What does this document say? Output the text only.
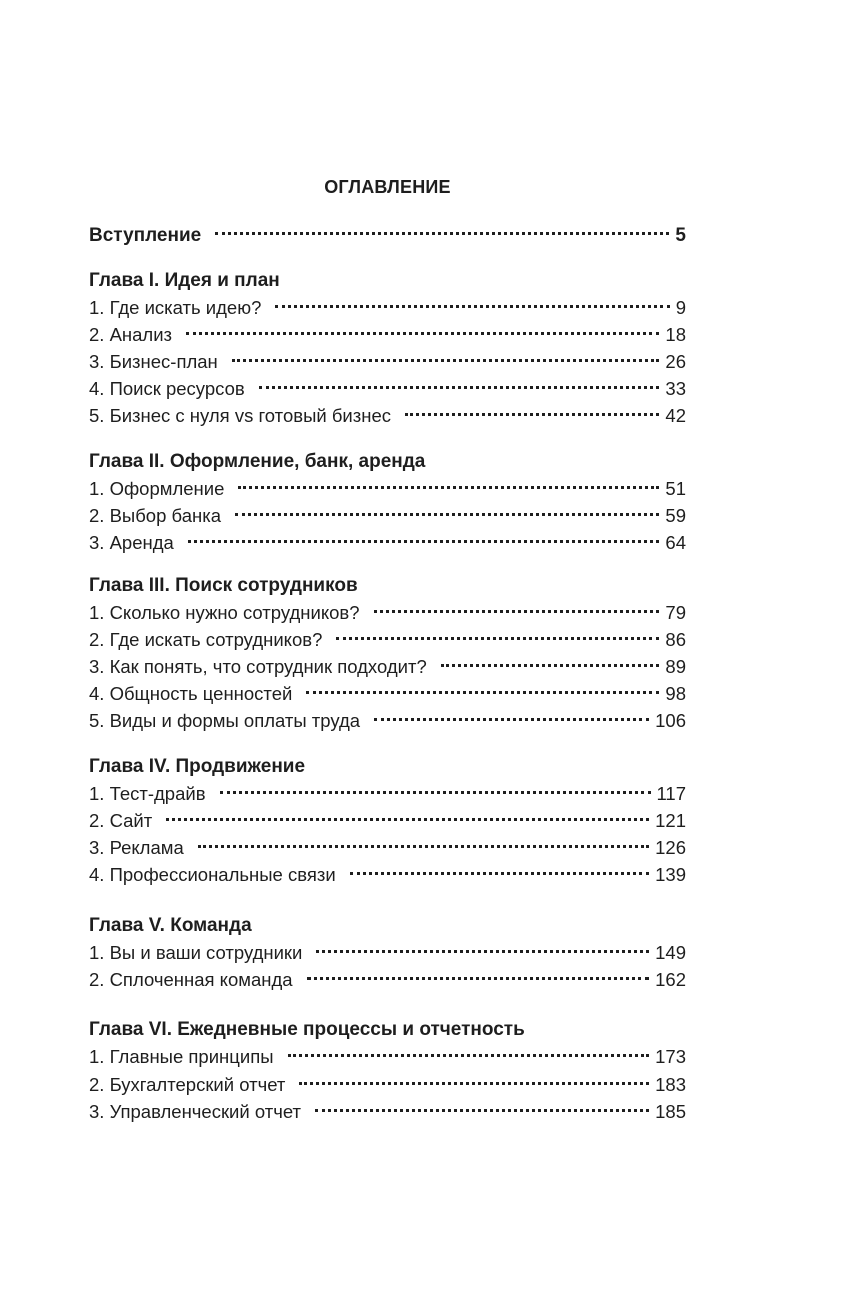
ОГЛАВЛЕНИЕ
Вступление	5
Глава I. Идея и план
1. Где искать идею?	9
2. Анализ	18
3. Бизнес-план	26
4. Поиск ресурсов	33
5. Бизнес с нуля vs готовый бизнес	42
Глава II. Оформление, банк, аренда
1. Оформление	51
2. Выбор банка	59
3. Аренда	64
Глава III. Поиск сотрудников
1. Сколько нужно сотрудников?	79
2. Где искать сотрудников?	86
3. Как понять, что сотрудник подходит?	89
4. Общность ценностей	98
5. Виды и формы оплаты труда	106
Глава IV. Продвижение
1. Тест-драйв	117
2. Сайт	121
3. Реклама	126
4. Профессиональные связи	139
Глава V. Команда
1. Вы и ваши сотрудники	149
2. Сплоченная команда	162
Глава VI. Ежедневные процессы и отчетность
1. Главные принципы	173
2. Бухгалтерский отчет	183
3. Управленческий отчет	185
